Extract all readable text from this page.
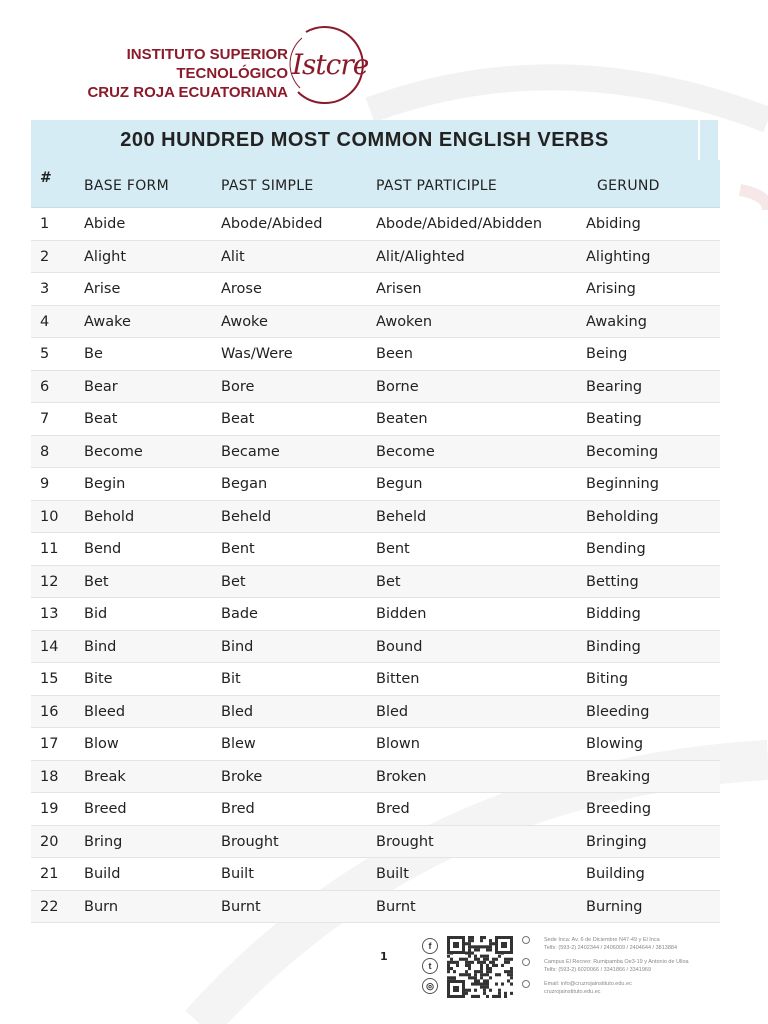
INSTITUTO SUPERIOR TECNOLÓGICO
CRUZ ROJA ECUATORIANA
Istcre
200 HUNDRED MOST COMMON ENGLISH VERBS
# BASE FORM	PAST SIMPLE	PAST PARTICIPLE	GERUND
1 Abide	Abode/Abided	Abode/Abided/Abidden	Abiding
2 Alight	Alit	Alit/Alighted	Alighting
3 Arise	Arose	Arisen	Arising
4 Awake	Awoke	Awoken	Awaking
5 Be	Was/Were	Been	Being
6 Bear	Bore	Borne	Bearing
7 Beat	Beat	Beaten	Beating
8 Become	Became	Become	Becoming
9 Begin	Began	Begun	Beginning
10 Behold	Beheld	Beheld	Beholding
11 Bend	Bent	Bent	Bending
12 Bet	Bet	Bet	Betting
13 Bid	Bade	Bidden	Bidding
14 Bind	Bind	Bound	Binding
15 Bite	Bit	Bitten	Biting
16 Bleed	Bled	Bled	Bleeding
17 Blow	Blew	Blown	Blowing
18 Break	Broke	Broken	Breaking
19 Breed	Bred	Bred	Breeding
20 Bring	Brought	Brought	Bringing
21 Build	Built	Built	Building
22 Burn	Burnt	Burnt	Burning
1
f
t
◎

Sede Inca: Av. 6 de Diciembre N47-49 y El Inca

Telfs: (593-2) 2402344 / 2406009 / 2404644 / 3813884

Campus El Recreo: Rumipamba Oe3-19 y Antonio de Ulloa

Telfs: (593-2) 6020066 / 3341866 / 3341969

Email: info@cruzrojainstituto.edu.ec

cruzrojainstituto.edu.ec
